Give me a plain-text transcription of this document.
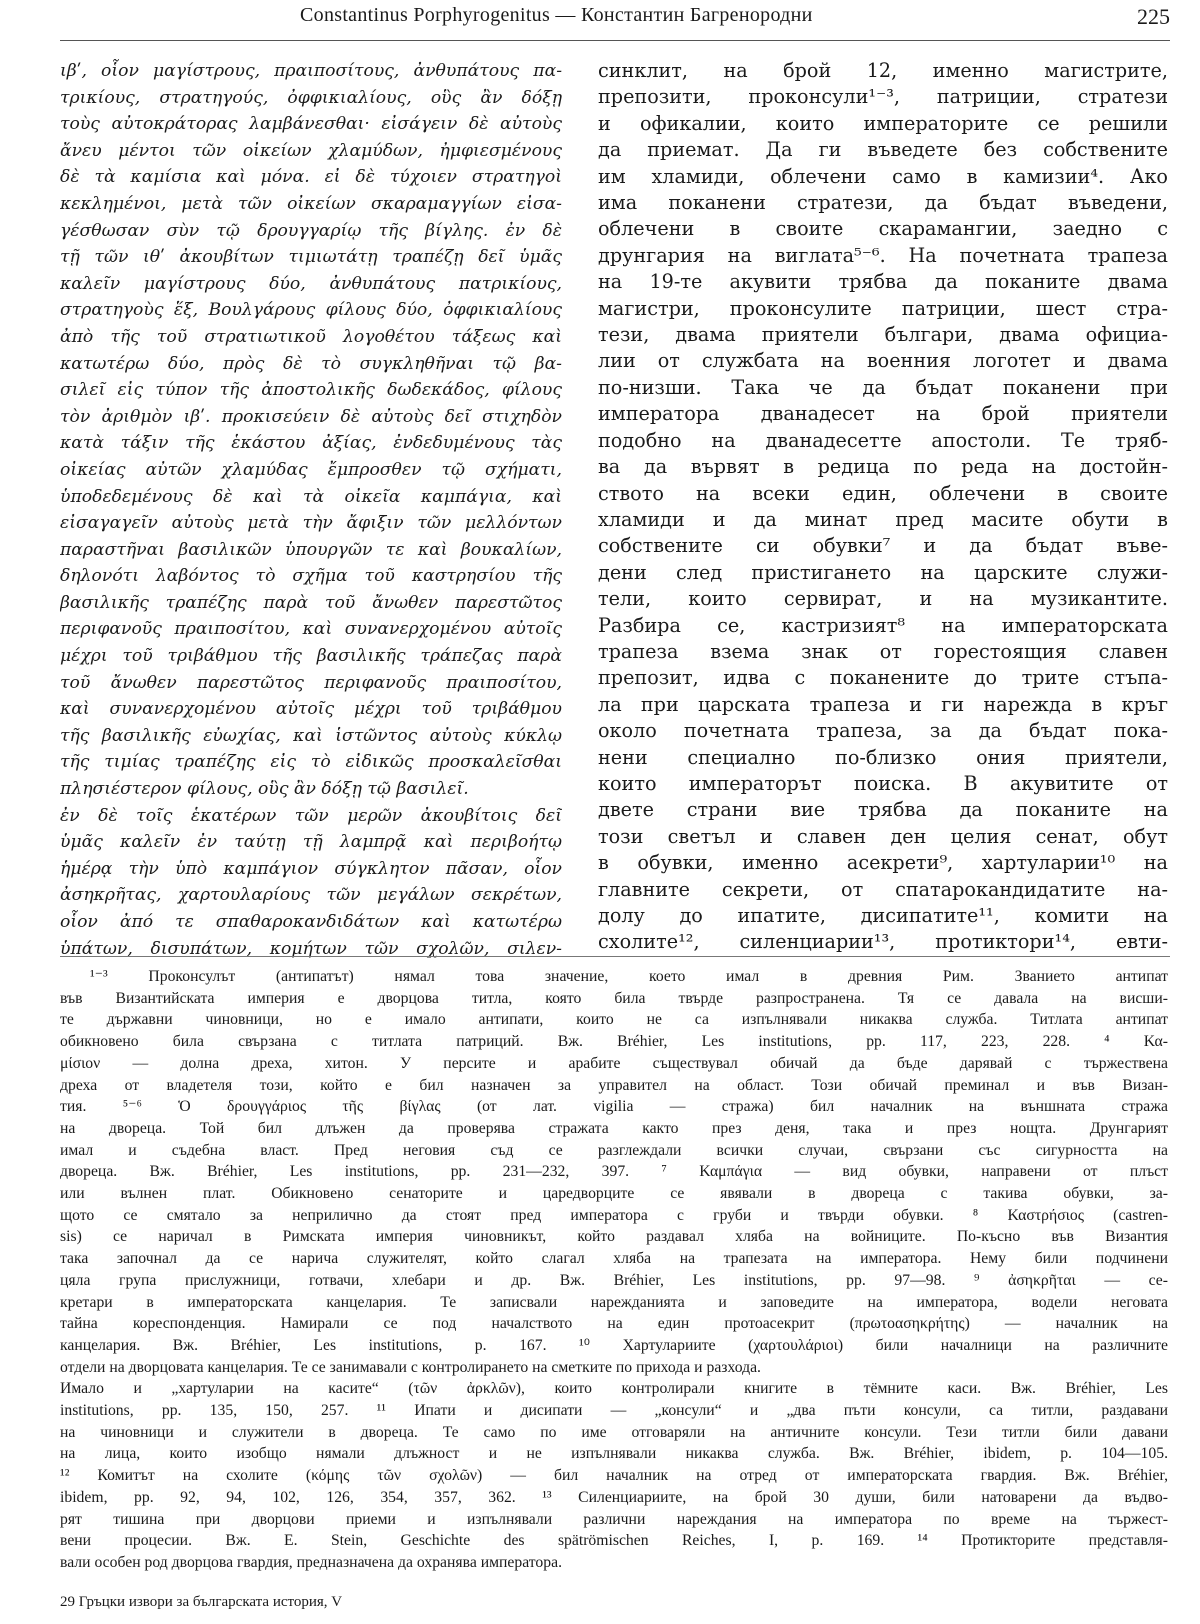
Constantinus Porphyrogenitus — Константин Багренородни	225
ιβʹ, οἷον μαγίστρους, πραιποσίτους, ἀνθυπάτους πα-
τρικίους, στρατηγούς, ὀφφικιαλίους, οὓς ἂν δόξῃ
τοὺς αὐτοκράτορας λαμβάνεσθαι· εἰσάγειν δὲ αὐτοὺς
ἄνευ μέντοι τῶν οἰκείων χλαμύδων, ἠμφιεσμένους
δὲ τὰ καμίσια καὶ μόνα. εἰ δὲ τύχοιεν στρατηγοὶ
κεκλημένοι, μετὰ τῶν οἰκείων σκαραμαγγίων εἰσα-
γέσθωσαν σὺν τῷ δρουγγαρίῳ τῆς βίγλης. ἐν δὲ
τῇ τῶν ιθʹ ἀκουβίτων τιμιωτάτῃ τραπέζῃ δεῖ ὑμᾶς
καλεῖν μαγίστρους δύο, ἀνθυπάτους πατρικίους,
στρατηγοὺς ἕξ, Βουλγάρους φίλους δύο, ὀφφικιαλίους
ἀπὸ τῆς τοῦ στρατιωτικοῦ λογοθέτου τάξεως καὶ
κατωτέρω δύο, πρὸς δὲ τὸ συγκληθῆναι τῷ βα-
σιλεῖ εἰς τύπον τῆς ἀποστολικῆς δωδεκάδος, φίλους
τὸν ἀριθμὸν ιβʹ. προκισεύειν δὲ αὐτοὺς δεῖ στιχηδὸν
κατὰ τάξιν τῆς ἑκάστου ἀξίας, ἐνδεδυμένους τὰς
οἰκείας αὐτῶν χλαμύδας ἔμπροσθεν τῷ σχήματι,
ὑποδεδεμένους δὲ καὶ τὰ οἰκεῖα καμπάγια, καὶ
εἰσαγαγεῖν αὐτοὺς μετὰ τὴν ἄφιξιν τῶν μελλόντων
παραστῆναι βασιλικῶν ὑπουργῶν τε καὶ βουκαλίων,
δηλονότι λαβόντος τὸ σχῆμα τοῦ καστρησίου τῆς
βασιλικῆς τραπέζης παρὰ τοῦ ἄνωθεν παρεστῶτος
περιφανοῦς πραιποσίτου, καὶ συνανερχομένου αὐτοῖς
μέχρι τοῦ τριβάθμου τῆς βασιλικῆς τράπεζας παρὰ
τοῦ ἄνωθεν παρεστῶτος περιφανοῦς πραιποσίτου,
καὶ συνανερχομένου αὐτοῖς μέχρι τοῦ τριβάθμου
τῆς βασιλικῆς εὐωχίας, καὶ ἱστῶντος αὐτοὺς κύκλῳ
τῆς τιμίας τραπέζης εἰς τὸ εἰδικῶς προσκαλεῖσθαι
πλησιέστερον φίλους, οὓς ἂν δόξῃ τῷ βασιλεῖ.
ἐν δὲ τοῖς ἑκατέρων τῶν μερῶν ἀκουβίτοις δεῖ
ὑμᾶς καλεῖν ἐν ταύτῃ τῇ λαμπρᾷ καὶ περιβοήτῳ
ἡμέρᾳ τὴν ὑπὸ καμπάγιον σύγκλητον πᾶσαν, οἷον
ἀσηκρῆτας, χαρτουλαρίους τῶν μεγάλων σεκρέτων,
οἷον ἀπό τε σπαθαροκανδιδάτων καὶ κατωτέρω
ὑπάτων, δισυπάτων, κομήτων τῶν σχολῶν, σιλεν-
синклит, на брой 12, именно магистрите,
препозити, проконсули¹⁻³, патриции, стратези
и офикалии, които императорите се решили
да приемат. Да ги въведете без собствените
им хламиди, облечени само в камизии⁴. Ако
има поканени стратези, да бъдат въведени,
облечени в своите скарамангии, заедно с
друнгария на виглата⁵⁻⁶. На почетната трапеза
на 19-те акувити трябва да поканите двама
магистри, проконсулите патриции, шест стра-
тези, двама приятели българи, двама официа-
лии от службата на военния логотет и двама
по-низши. Така че да бъдат поканени при
императора дванадесет на брой приятели
подобно на дванадесетте апостоли. Те тряб-
ва да вървят в редица по реда на достойн-
ството на всеки един, облечени в своите
хламиди и да минат пред масите обути в
собствените си обувки⁷ и да бъдат въве-
дени след пристигането на царските служи-
тели, които сервират, и на музикантите.
Разбира се, кастризият⁸ на императорската
трапеза взема знак от горестоящия славен
препозит, идва с поканените до трите стъпа-
ла при царската трапеза и ги нарежда в кръг
около почетната трапеза, за да бъдат пока-
нени специално по-близко ония приятели,
които императорът поиска. В акувитите от
двете страни вие трябва да поканите на
този светъл и славен ден целия сенат, обут
в обувки, именно асекрети⁹, хартуларии¹⁰ на
главните секрети, от спатарокандидатите на-
долу до ипатите, дисипатите¹¹, комити на
схолите¹², силенциарии¹³, протиктори¹⁴, евти-
¹⁻³ Проконсулът (антипатът) нямал това значение, което имал в древния Рим. Званието антипат
във Византийската империя е дворцова титла, която била твърде разпространена. Тя се давала на висши-
те държавни чиновници, но е имало антипати, които не са изпълнявали никаква служба. Титлата антипат
обикновено била свързана с титлата патриций. Вж. Bréhier, Les institutions, pp. 117, 223, 228. ⁴ Κα-
μίσιον — долна дреха, хитон. У персите и арабите съществувал обичай да бъде дарявай с тържествена
дреха от владетеля този, който е бил назначен за управител на област. Този обичай преминал и във Визан-
тия. ⁵⁻⁶ Ὁ δρουγγάριος τῆς βίγλας (от лат. vigilia — стража) бил началник на външната стража
на двореца. Той бил длъжен да проверява стражата както през деня, така и през нощта. Друнгарият
имал и съдебна власт. Пред неговия съд се разглеждали всички случаи, свързани със сигурността на
двореца. Вж. Bréhier, Les institutions, pp. 231—232, 397. ⁷ Καμπάγια — вид обувки, направени от плъст
или вълнен плат. Обикновено сенаторите и царедворците се явявали в двореца с такива обувки, за-
щото се смятало за неприлично да стоят пред императора с груби и твърди обувки. ⁸ Καστρήσιος (castren-
sis) се наричал в Римската империя чиновникът, който раздавал хляба на войниците. По-късно във Византия
така започнал да се нарича служителят, който слагал хляба на трапезата на императора. Нему били подчинени
цяла група прислужници, готвачи, хлебари и др. Вж. Bréhier, Les institutions, pp. 97—98. ⁹ ἀσηκρῆται — се-
кретари в императорската канцелария. Те записвали нарежданията и заповедите на императора, водели неговата
тайна кореспонденция. Намирали се под началството на един протоасекрит (πρωτοασηκρήτης) — началник на
канцелария. Вж. Bréhier, Les institutions, p. 167. ¹⁰ Хартулариите (χαρτουλάριοι) били началници на различните
отдели на дворцовата канцелария. Те се занимавали с контролирането на сметките по прихода и разхода.
Имало и „хартуларии на касите“ (τῶν ἀρκλῶν), които контролирали книгите в тёмните каси. Вж. Bréhier, Les
institutions, pp. 135, 150, 257. ¹¹ Ипати и дисипати — „консули“ и „два пъти консули, са титли, раздавани
на чиновници и служители в двореца. Те само по име отговаряли на античните консули. Тези титли били давани
на лица, които изобщо нямали длъжност и не изпълнявали никаква служба. Вж. Bréhier, ibidem, p. 104—105.
¹² Комитът на схолите (κόμης τῶν σχολῶν) — бил началник на отред от императорската гвардия. Вж. Bréhier,
ibidem, pp. 92, 94, 102, 126, 354, 357, 362. ¹³ Силенциариите, на брой 30 души, били натоварени да въдво-
рят тишина при дворцови приеми и изпълнявали различни нареждания на императора по време на тържест-
вени процесии. Вж. E. Stein, Geschichte des spätrömischen Reiches, I, p. 169. ¹⁴ Протикторите представля-
вали особен род дворцова гвардия, предназначена да охранява императора.
29 Гръцки извори за българската история, V
